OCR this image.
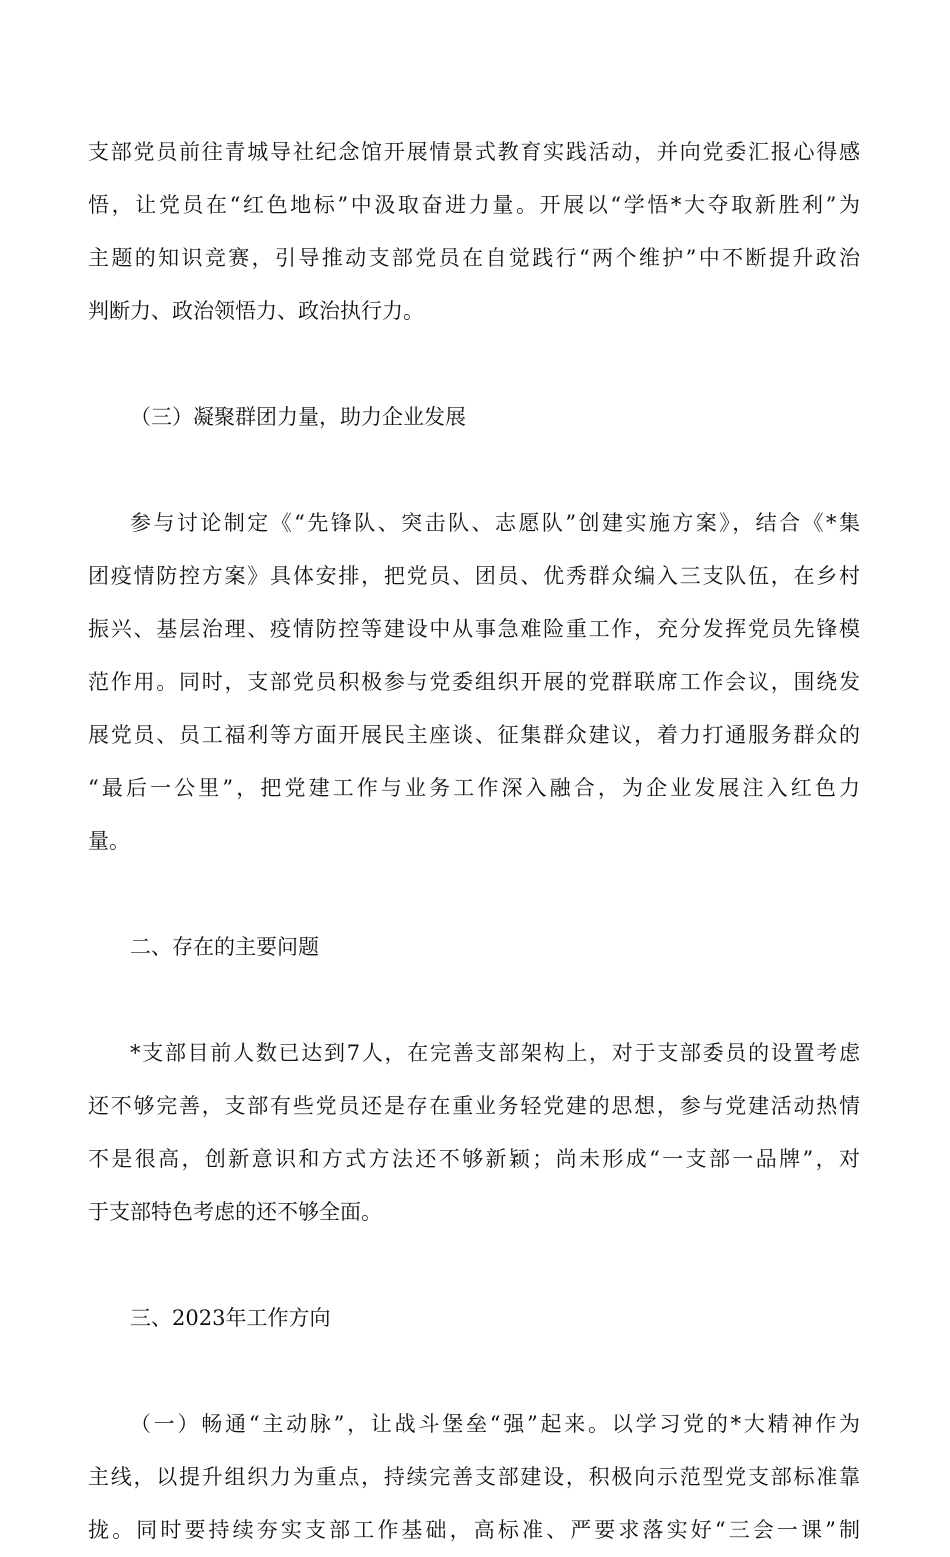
支部党员前往青城导社纪念馆开展情景式教育实践活动，并向党委汇报心得感
悟，让党员在“红色地标”中汲取奋进力量。开展以“学悟*大夺取新胜利”为
主题的知识竞赛，引导推动支部党员在自觉践行“两个维护”中不断提升政治
判断力、政治领悟力、政治执行力。
（三）凝聚群团力量，助力企业发展
参与讨论制定《“先锋队、突击队、志愿队”创建实施方案》，结合《*集
团疫情防控方案》具体安排，把党员、团员、优秀群众编入三支队伍，在乡村
振兴、基层治理、疫情防控等建设中从事急难险重工作，充分发挥党员先锋模
范作用。同时，支部党员积极参与党委组织开展的党群联席工作会议，围绕发
展党员、员工福利等方面开展民主座谈、征集群众建议，着力打通服务群众的
“最后一公里”，把党建工作与业务工作深入融合，为企业发展注入红色力
量。
二、存在的主要问题
*支部目前人数已达到7人，在完善支部架构上，对于支部委员的设置考虑
还不够完善，支部有些党员还是存在重业务轻党建的思想，参与党建活动热情
不是很高，创新意识和方式方法还不够新颖；尚未形成“一支部一品牌”，对
于支部特色考虑的还不够全面。
三、2023年工作方向
（一）畅通“主动脉”，让战斗堡垒“强”起来。以学习党的*大精神作为
主线，以提升组织力为重点，持续完善支部建设，积极向示范型党支部标准靠
拢。同时要持续夯实支部工作基础，高标准、严要求落实好“三会一课”制
